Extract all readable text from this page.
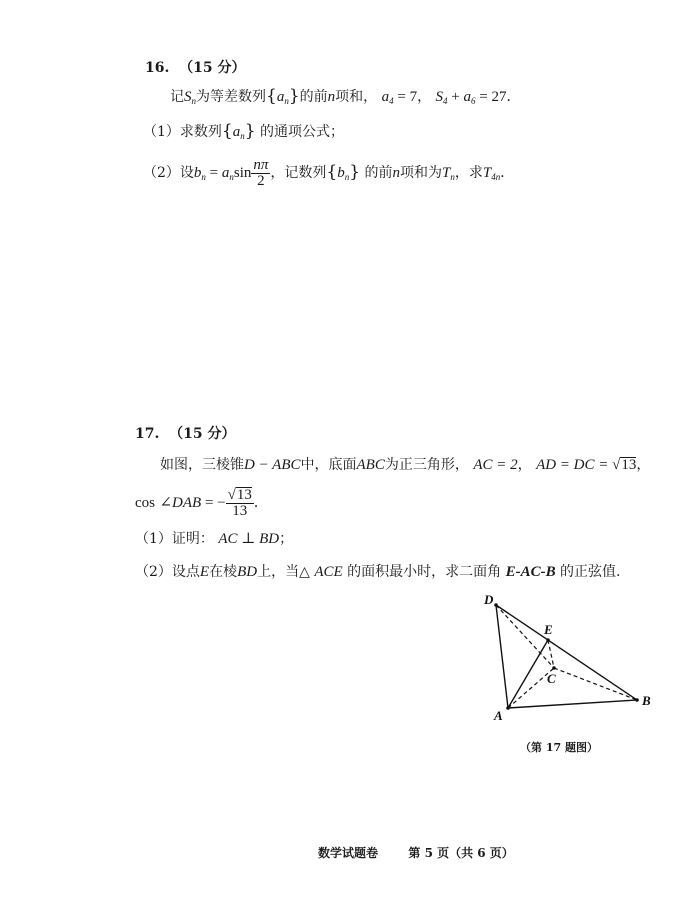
16. （15 分）
记$S_n$为等差数列$\{a_n\}$的前n项和， $a_4 = 7$， $S_4 + a_6 = 27$．
（1）求数列$\{a_n\}$ 的通项公式；
（2）设$b_n = a_n\sin \frac{n\pi}{2}$ ，记数列$\{b_n\}$ 的前n项和为$T_n$，求$T_{4n}$．
17. （15 分）
如图，三棱锥D − ABC中，底面ABC为正三角形， AC = 2， AD = DC = √13，
cos ∠DAB = − $\frac{√13}{13}$ ．
（1）证明： AC ⊥ BD；
（2）设点E在棱BD上，当△ ACE 的面积最小时，求二面角 E-AC-B 的正弦值.
D
E
C
A
B
（第 17 题图）
数学试题卷	第 5 页（共 6 页）
